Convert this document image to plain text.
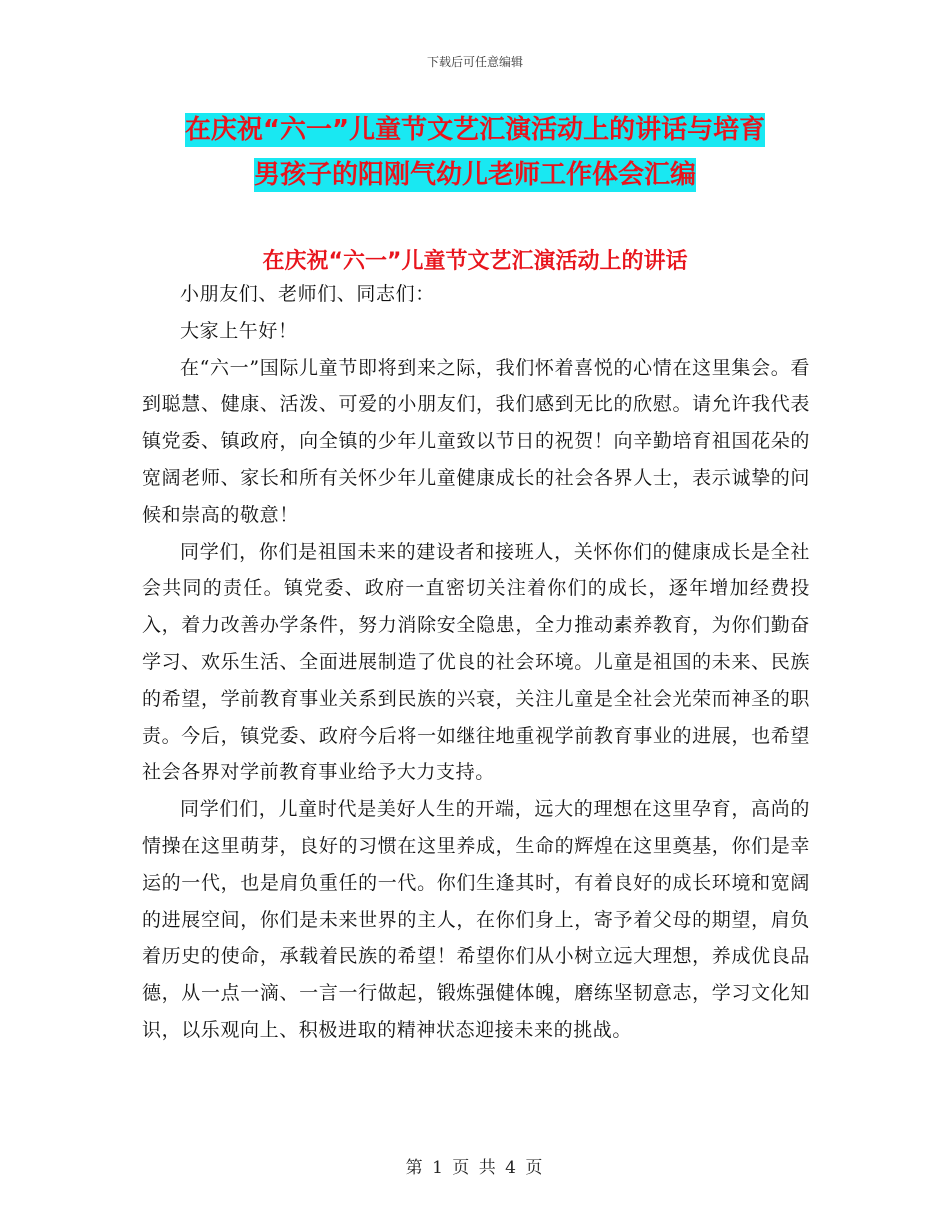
下载后可任意编辑
在庆祝“六一”儿童节文艺汇演活动上的讲话与培育
男孩子的阳刚气幼儿老师工作体会汇编
在庆祝“六一”儿童节文艺汇演活动上的讲话

小朋友们、老师们、同志们：

大家上午好！

在“六一”国际儿童节即将到来之际，我们怀着喜悦的心情在这里集会。看到聪慧、健康、活泼、可爱的小朋友们，我们感到无比的欣慰。请允许我代表镇党委、镇政府，向全镇的少年儿童致以节日的祝贺！向辛勤培育祖国花朵的宽阔老师、家长和所有关怀少年儿童健康成长的社会各界人士，表示诚挚的问候和崇高的敬意！

同学们，你们是祖国未来的建设者和接班人，关怀你们的健康成长是全社会共同的责任。镇党委、政府一直密切关注着你们的成长，逐年增加经费投入，着力改善办学条件，努力消除安全隐患，全力推动素养教育，为你们勤奋学习、欢乐生活、全面进展制造了优良的社会环境。儿童是祖国的未来、民族的希望，学前教育事业关系到民族的兴衰，关注儿童是全社会光荣而神圣的职责。今后，镇党委、政府今后将一如继往地重视学前教育事业的进展，也希望社会各界对学前教育事业给予大力支持。

同学们们，儿童时代是美好人生的开端，远大的理想在这里孕育，高尚的情操在这里萌芽，良好的习惯在这里养成，生命的辉煌在这里奠基，你们是幸运的一代，也是肩负重任的一代。你们生逢其时，有着良好的成长环境和宽阔的进展空间，你们是未来世界的主人，在你们身上，寄予着父母的期望，肩负着历史的使命，承载着民族的希望！希望你们从小树立远大理想，养成优良品德，从一点一滴、一言一行做起，锻炼强健体魄，磨练坚韧意志，学习文化知识，以乐观向上、积极进取的精神状态迎接未来的挑战。

第 1 页 共 4 页
